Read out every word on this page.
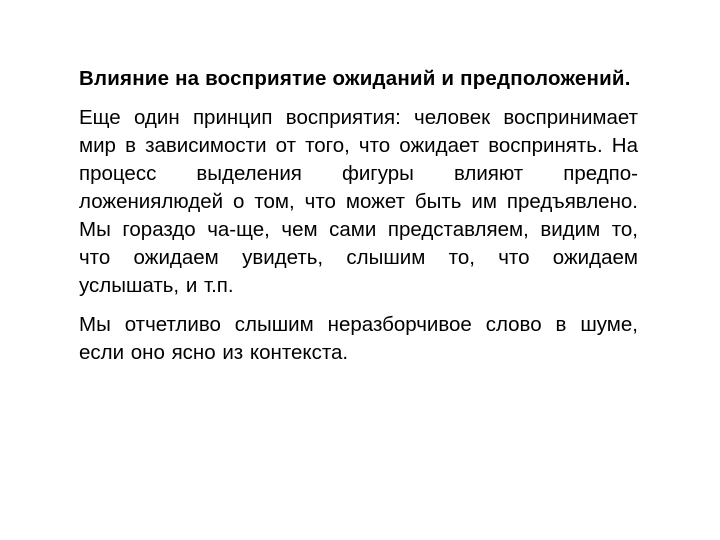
Влияние на восприятие ожиданий и предположений.

Еще один принцип восприятия: человек воспринимает мир в зависимости от того, что ожидает воспринять. На процесс выделения фигуры влияют предпо-ложениялюдей о том, что может быть им предъявлено. Мы гораздо ча-ще, чем сами представляем, видим то, что ожидаем увидеть, слышим то, что ожидаем услышать, и т.п.

Мы отчетливо слышим неразборчивое слово в шуме, если оно ясно из контекста.
